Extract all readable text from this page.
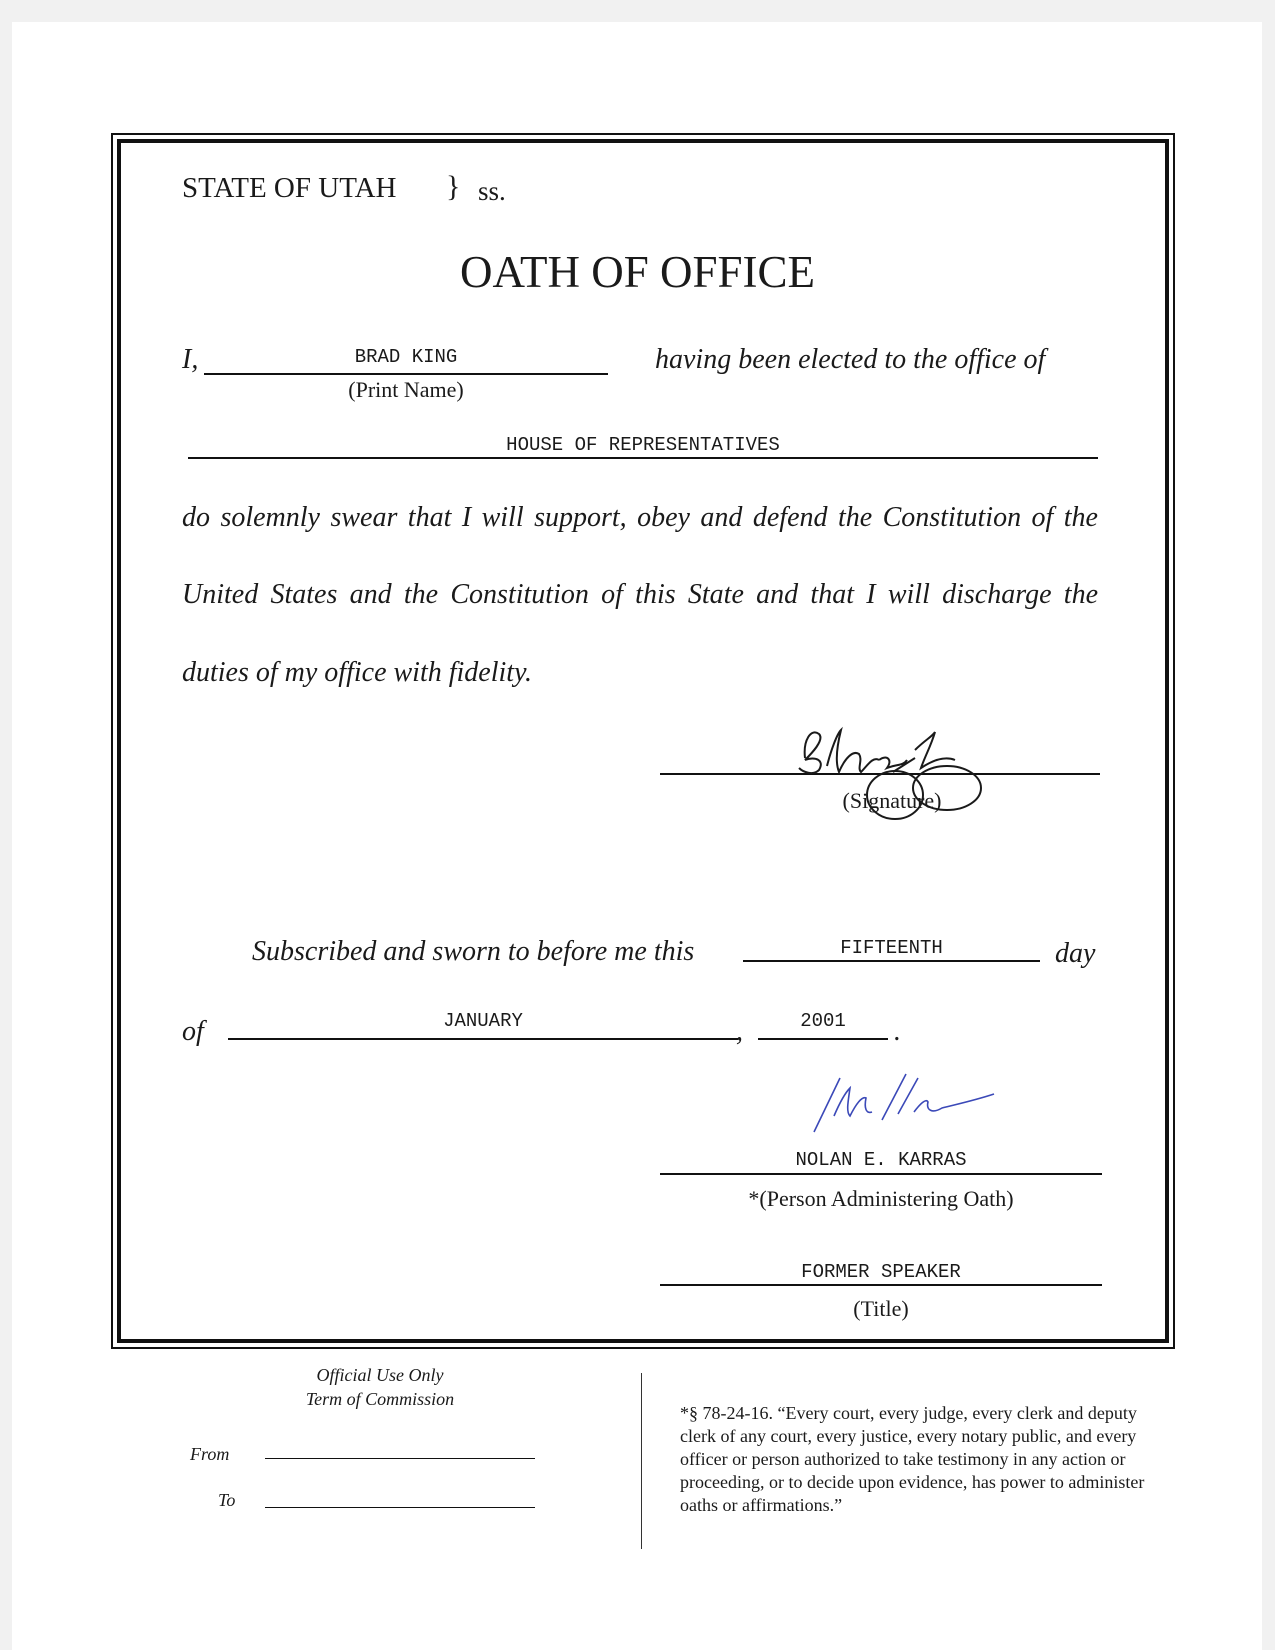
STATE OF UTAH } ss.
OATH OF OFFICE
I,	BRAD KING
(Print Name)
having been elected to the office of
HOUSE OF REPRESENTATIVES
do solemnly swear that I will support, obey and defend the Constitution of the
United States and the Constitution of this State and that I will discharge the
duties of my office with fidelity.
(Signature)
Subscribed and sworn to before me this	FIFTEENTH	day
of	JANUARY	,	2001	.
NOLAN E. KARRAS
*(Person Administering Oath)
FORMER SPEAKER
(Title)
Official Use Only
Term of Commission
From
To
*§ 78-24-16. “Every court, every judge, every clerk and deputy clerk of any court, every justice, every notary public, and every officer or person authorized to take testimony in any action or proceeding, or to decide upon evidence, has power to administer oaths or affirmations.”
